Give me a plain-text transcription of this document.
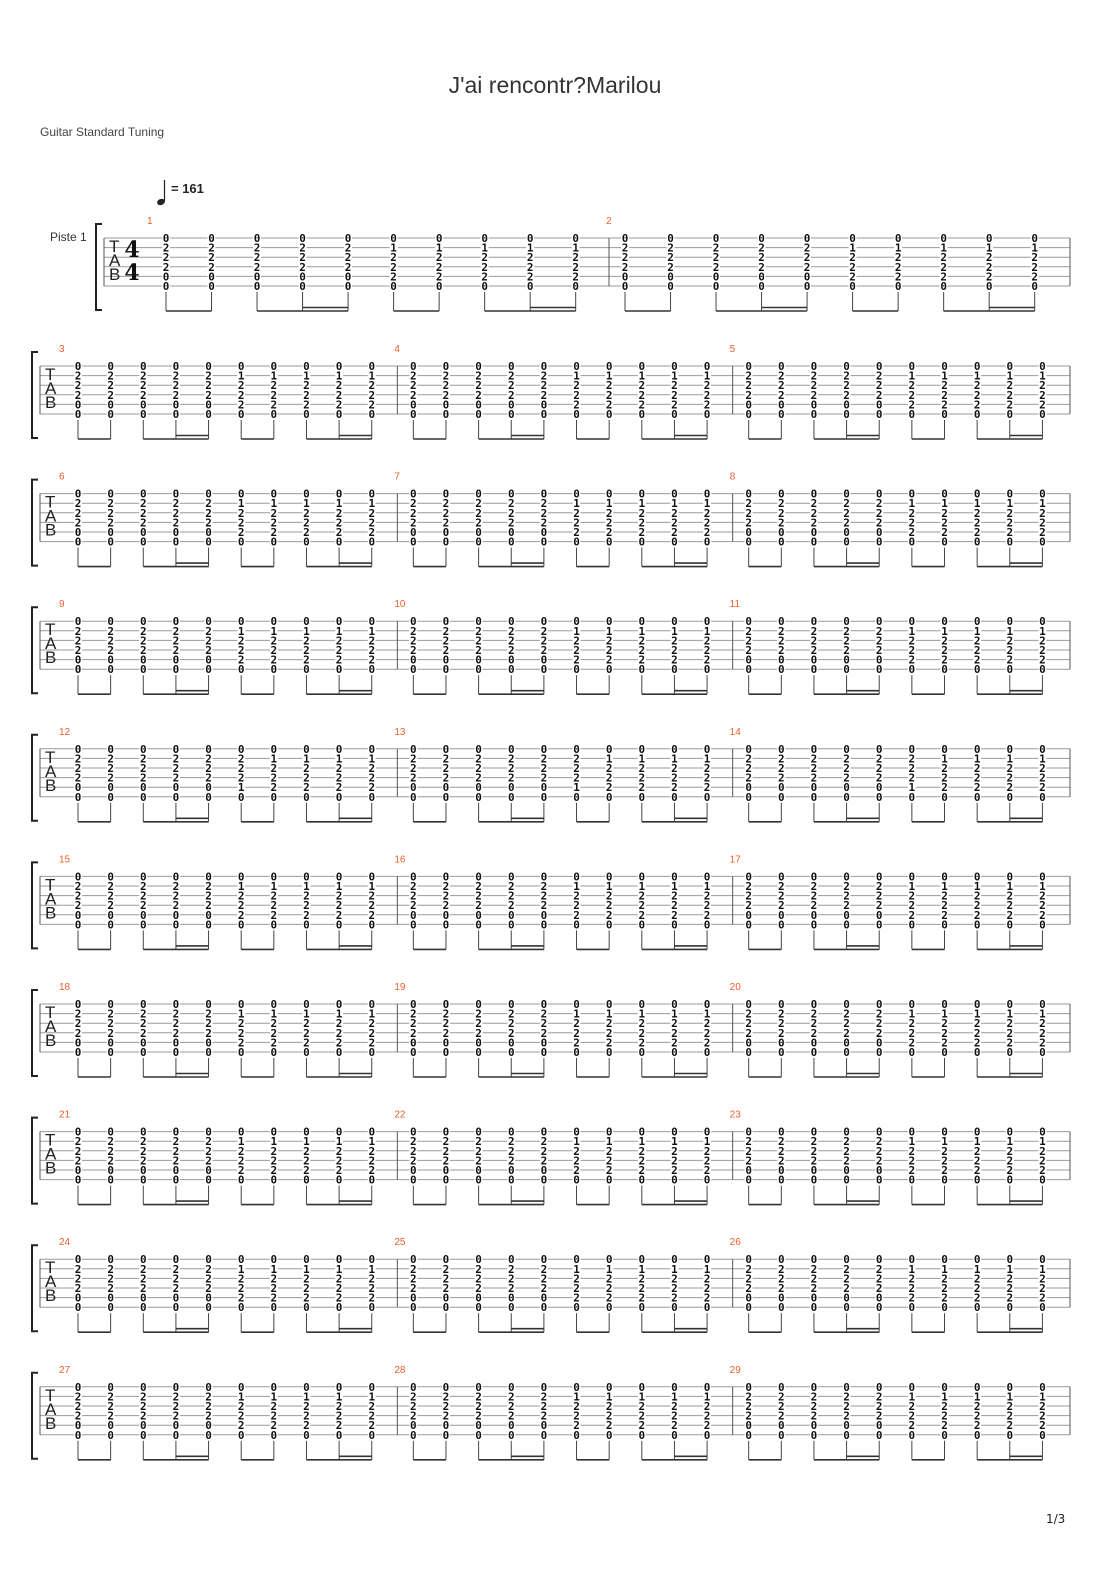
J'ai rencontr?Marilou
Guitar Standard Tuning
T
A
B
Piste 1 4
4
= 161
1
0
2
2
2
0
0
0
2
2
2
0
0
0
2
2
2
0
0
0
2
2
2
0
0
0
2
2
2
0
0
0
1
2
2
2
0
0
1
2
2
2
0
0
1
2
2
2
0
0
1
2
2
2
0
0
1
2
2
2
0
2
0
2
2
2
0
0
0
2
2
2
0
0
0
2
2
2
0
0
0
2
2
2
0
0
0
2
2
2
0
0
0
1
2
2
2
0
0
1
2
2
2
0
0
1
2
2
2
0
0
1
2
2
2
0
0
1
2
2
2
0
T
A
B
3
0
2
2
2
0
0
0
2
2
2
0
0
0
2
2
2
0
0
0
2
2
2
0
0
0
2
2
2
0
0
0
1
2
2
2
0
0
1
2
2
2
0
0
1
2
2
2
0
0
1
2
2
2
0
0
1
2
2
2
0
4
0
2
2
2
0
0
0
2
2
2
0
0
0
2
2
2
0
0
0
2
2
2
0
0
0
2
2
2
0
0
0
1
2
2
2
0
0
1
2
2
2
0
0
1
2
2
2
0
0
1
2
2
2
0
0
1
2
2
2
0
5
0
2
2
2
0
0
0
2
2
2
0
0
0
2
2
2
0
0
0
2
2
2
0
0
0
2
2
2
0
0
0
1
2
2
2
0
0
1
2
2
2
0
0
1
2
2
2
0
0
1
2
2
2
0
0
1
2
2
2
0
T
A
B
6
0
2
2
2
0
0
0
2
2
2
0
0
0
2
2
2
0
0
0
2
2
2
0
0
0
2
2
2
0
0
0
1
2
2
2
0
0
1
2
2
2
0
0
1
2
2
2
0
0
1
2
2
2
0
0
1
2
2
2
0
7
0
2
2
2
0
0
0
2
2
2
0
0
0
2
2
2
0
0
0
2
2
2
0
0
0
2
2
2
0
0
0
1
2
2
2
0
0
1
2
2
2
0
0
1
2
2
2
0
0
1
2
2
2
0
0
1
2
2
2
0
8
0
2
2
2
0
0
0
2
2
2
0
0
0
2
2
2
0
0
0
2
2
2
0
0
0
2
2
2
0
0
0
1
2
2
2
0
0
1
2
2
2
0
0
1
2
2
2
0
0
1
2
2
2
0
0
1
2
2
2
0
T
A
B
9
0
2
2
2
0
0
0
2
2
2
0
0
0
2
2
2
0
0
0
2
2
2
0
0
0
2
2
2
0
0
0
1
2
2
2
0
0
1
2
2
2
0
0
1
2
2
2
0
0
1
2
2
2
0
0
1
2
2
2
0
10
0
2
2
2
0
0
0
2
2
2
0
0
0
2
2
2
0
0
0
2
2
2
0
0
0
2
2
2
0
0
0
1
2
2
2
0
0
1
2
2
2
0
0
1
2
2
2
0
0
1
2
2
2
0
0
1
2
2
2
0
11
0
2
2
2
0
0
0
2
2
2
0
0
0
2
2
2
0
0
0
2
2
2
0
0
0
2
2
2
0
0
0
1
2
2
2
0
0
1
2
2
2
0
0
1
2
2
2
0
0
1
2
2
2
0
0
1
2
2
2
0
T
A
B
12
0
2
2
2
0
0
0
2
2
2
0
0
0
2
2
2
0
0
0
2
2
2
0
0
0
2
2
2
0
0
0
2
2
2
1
0
0
1
2
2
2
0
0
1
2
2
2
0
0
1
2
2
2
0
0
1
2
2
2
0
13
0
2
2
2
0
0
0
2
2
2
0
0
0
2
2
2
0
0
0
2
2
2
0
0
0
2
2
2
0
0
0
2
2
2
1
0
0
1
2
2
2
0
0
1
2
2
2
0
0
1
2
2
2
0
0
1
2
2
2
0
14
0
2
2
2
0
0
0
2
2
2
0
0
0
2
2
2
0
0
0
2
2
2
0
0
0
2
2
2
0
0
0
2
2
2
1
0
0
1
2
2
2
0
0
1
2
2
2
0
0
1
2
2
2
0
0
1
2
2
2
0
T
A
B
15
0
2
2
2
0
0
0
2
2
2
0
0
0
2
2
2
0
0
0
2
2
2
0
0
0
2
2
2
0
0
0
1
2
2
2
0
0
1
2
2
2
0
0
1
2
2
2
0
0
1
2
2
2
0
0
1
2
2
2
0
16
0
2
2
2
0
0
0
2
2
2
0
0
0
2
2
2
0
0
0
2
2
2
0
0
0
2
2
2
0
0
0
1
2
2
2
0
0
1
2
2
2
0
0
1
2
2
2
0
0
1
2
2
2
0
0
1
2
2
2
0
17
0
2
2
2
0
0
0
2
2
2
0
0
0
2
2
2
0
0
0
2
2
2
0
0
0
2
2
2
0
0
0
1
2
2
2
0
0
1
2
2
2
0
0
1
2
2
2
0
0
1
2
2
2
0
0
1
2
2
2
0
T
A
B
18
0
2
2
2
0
0
0
2
2
2
0
0
0
2
2
2
0
0
0
2
2
2
0
0
0
2
2
2
0
0
0
1
2
2
2
0
0
1
2
2
2
0
0
1
2
2
2
0
0
1
2
2
2
0
0
1
2
2
2
0
19
0
2
2
2
0
0
0
2
2
2
0
0
0
2
2
2
0
0
0
2
2
2
0
0
0
2
2
2
0
0
0
1
2
2
2
0
0
1
2
2
2
0
0
1
2
2
2
0
0
1
2
2
2
0
0
1
2
2
2
0
20
0
2
2
2
0
0
0
2
2
2
0
0
0
2
2
2
0
0
0
2
2
2
0
0
0
2
2
2
0
0
0
1
2
2
2
0
0
1
2
2
2
0
0
1
2
2
2
0
0
1
2
2
2
0
0
1
2
2
2
0
T
A
B
21
0
2
2
2
0
0
0
2
2
2
0
0
0
2
2
2
0
0
0
2
2
2
0
0
0
2
2
2
0
0
0
1
2
2
2
0
0
1
2
2
2
0
0
1
2
2
2
0
0
1
2
2
2
0
0
1
2
2
2
0
22
0
2
2
2
0
0
0
2
2
2
0
0
0
2
2
2
0
0
0
2
2
2
0
0
0
2
2
2
0
0
0
1
2
2
2
0
0
1
2
2
2
0
0
1
2
2
2
0
0
1
2
2
2
0
0
1
2
2
2
0
23
0
2
2
2
0
0
0
2
2
2
0
0
0
2
2
2
0
0
0
2
2
2
0
0
0
2
2
2
0
0
0
1
2
2
2
0
0
1
2
2
2
0
0
1
2
2
2
0
0
1
2
2
2
0
0
1
2
2
2
0
T
A
B
24
0
2
2
2
0
0
0
2
2
2
0
0
0
2
2
2
0
0
0
2
2
2
0
0
0
2
2
2
0
0
0
1
2
2
2
0
0
1
2
2
2
0
0
1
2
2
2
0
0
1
2
2
2
0
0
1
2
2
2
0
25
0
2
2
2
0
0
0
2
2
2
0
0
0
2
2
2
0
0
0
2
2
2
0
0
0
2
2
2
0
0
0
1
2
2
2
0
0
1
2
2
2
0
0
1
2
2
2
0
0
1
2
2
2
0
0
1
2
2
2
0
26
0
2
2
2
0
0
0
2
2
2
0
0
0
2
2
2
0
0
0
2
2
2
0
0
0
2
2
2
0
0
0
1
2
2
2
0
0
1
2
2
2
0
0
1
2
2
2
0
0
1
2
2
2
0
0
1
2
2
2
0
T
A
B
27
0
2
2
2
0
0
0
2
2
2
0
0
0
2
2
2
0
0
0
2
2
2
0
0
0
2
2
2
0
0
0
1
2
2
2
0
0
1
2
2
2
0
0
1
2
2
2
0
0
1
2
2
2
0
0
1
2
2
2
0
28
0
2
2
2
0
0
0
2
2
2
0
0
0
2
2
2
0
0
0
2
2
2
0
0
0
2
2
2
0
0
0
1
2
2
2
0
0
1
2
2
2
0
0
1
2
2
2
0
0
1
2
2
2
0
0
1
2
2
2
0
29
0
2
2
2
0
0
0
2
2
2
0
0
0
2
2
2
0
0
0
2
2
2
0
0
0
2
2
2
0
0
0
1
2
2
2
0
0
1
2
2
2
0
0
1
2
2
2
0
0
1
2
2
2
0
0
1
2
2
2
0
1/3
